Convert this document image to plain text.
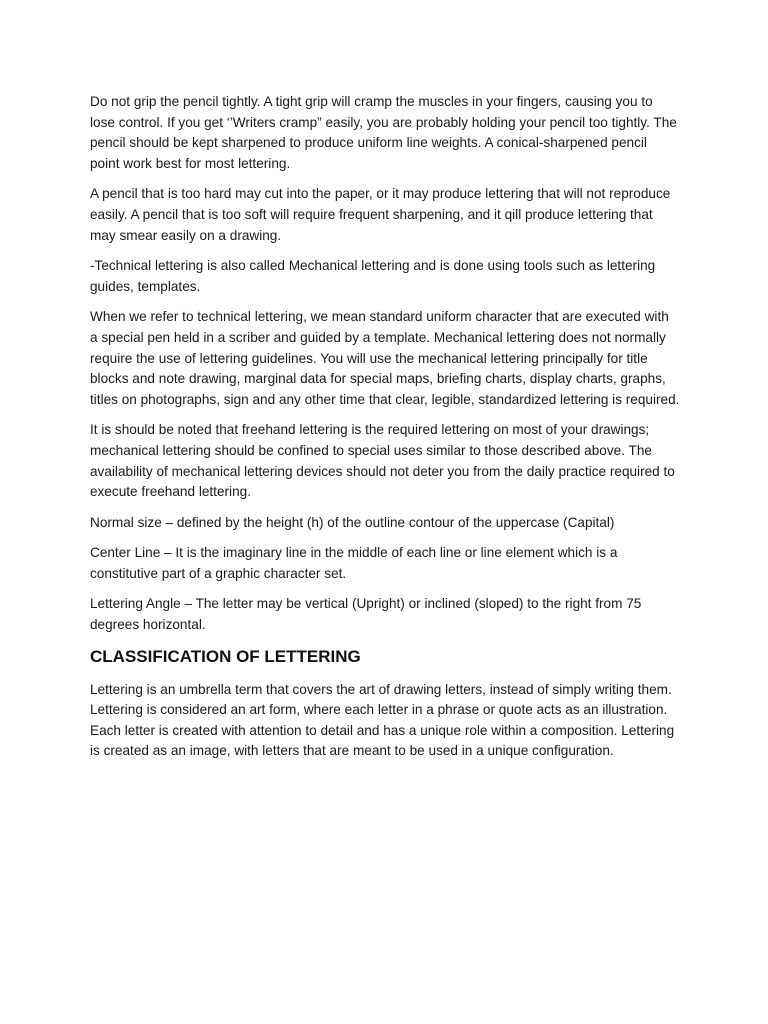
Do not grip the pencil tightly. A tight grip will cramp the muscles in your fingers, causing you to lose control. If you get ‘’Writers cramp” easily, you are probably holding your pencil too tightly. The pencil should be kept sharpened to produce uniform line weights. A conical-sharpened pencil point work best for most lettering.

A pencil that is too hard may cut into the paper, or it may produce lettering that will not reproduce easily. A pencil that is too soft will require frequent sharpening, and it qill produce lettering that may smear easily on a drawing.

-Technical lettering is also called Mechanical lettering and is done using tools such as lettering guides, templates.

When we refer to technical lettering, we mean standard uniform character that are executed with a special pen held in a scriber and guided by a template. Mechanical lettering does not normally require the use of lettering guidelines. You will use the mechanical lettering principally for title blocks and note drawing, marginal data for special maps, briefing charts, display charts, graphs, titles on photographs, sign and any other time that clear, legible, standardized lettering is required.

It is should be noted that freehand lettering is the required lettering on most of your drawings; mechanical lettering should be confined to special uses similar to those described above. The availability of mechanical lettering devices should not deter you from the daily practice required to execute freehand lettering.

Normal size – defined by the height (h) of the outline contour of the uppercase (Capital)

Center Line – It is the imaginary line in the middle of each line or line element which is a constitutive part of a graphic character set.

Lettering Angle – The letter may be vertical (Upright) or inclined (sloped) to the right from 75 degrees horizontal.

CLASSIFICATION OF LETTERING

Lettering is an umbrella term that covers the art of drawing letters, instead of simply writing them. Lettering is considered an art form, where each letter in a phrase or quote acts as an illustration. Each letter is created with attention to detail and has a unique role within a composition. Lettering is created as an image, with letters that are meant to be used in a unique configuration.
